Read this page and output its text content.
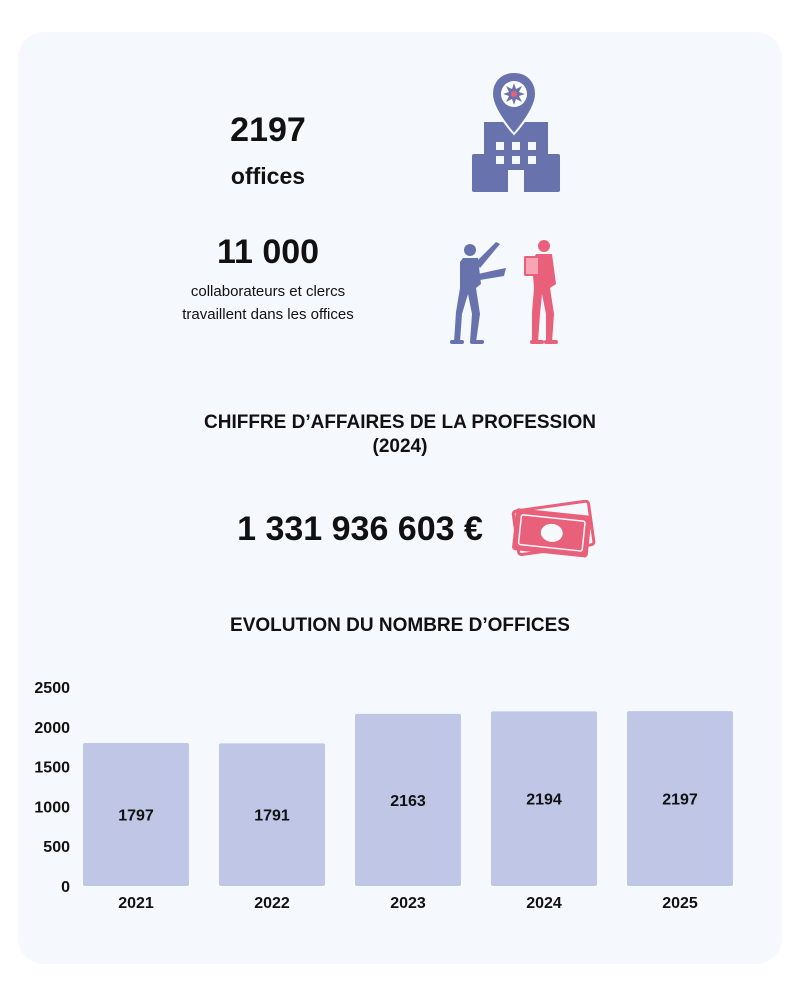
2197
offices
11 000
collaborateurs et clercs travaillent dans les offices
CHIFFRE D’AFFAIRES DE LA PROFESSION
(2024)
1 331 936 603 €
EVOLUTION DU NOMBRE D’OFFICES
0
500
1000
1500
2000
2500
1797	1791
2163	2194	2197
2021	2022	2023	2024	2025
